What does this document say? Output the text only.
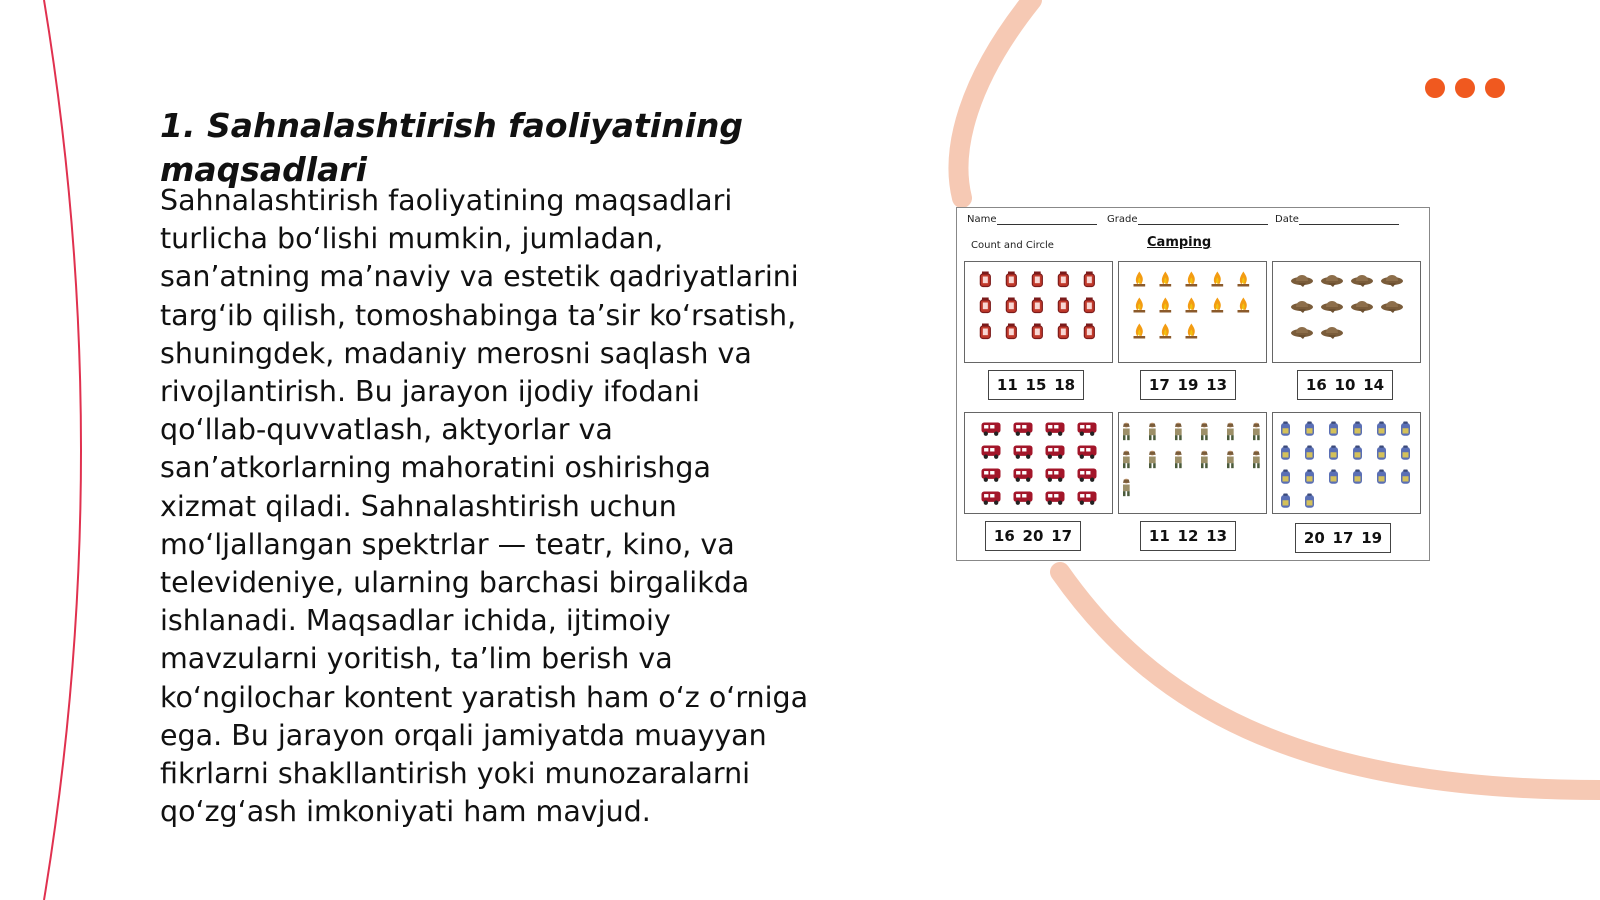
1. Sahnalashtirish faoliyatining maqsadlari

Sahnalashtirish faoliyatining maqsadlari
turlicha bo‘lishi mumkin, jumladan,
san’atning ma’naviy va estetik qadriyatlarini
targ‘ib qilish, tomoshabinga ta’sir ko‘rsatish,
shuningdek, madaniy merosni saqlash va
rivojlantirish. Bu jarayon ijodiy ifodani
qo‘llab-quvvatlash, aktyorlar va
san’atkorlarning mahoratini oshirishga
xizmat qiladi. Sahnalashtirish uchun
mo‘ljallangan spektrlar — teatr, kino, va
televideniye, ularning barchasi birgalikda
ishlanadi. Maqsadlar ichida, ijtimoiy
mavzularni yoritish, ta’lim berish va
ko‘ngilochar kontent yaratish ham o‘z o‘rniga
ega. Bu jarayon orqali jamiyatda muayyan
fikrlarni shakllantirish yoki munozaralarni
qo‘zg‘ash imkoniyati ham mavjud.

Name	Grade	Date
Count and Circle	Camping
11 15 18	17 19 13	16 10 14
16 20 17	11 12 13	20 17 19
